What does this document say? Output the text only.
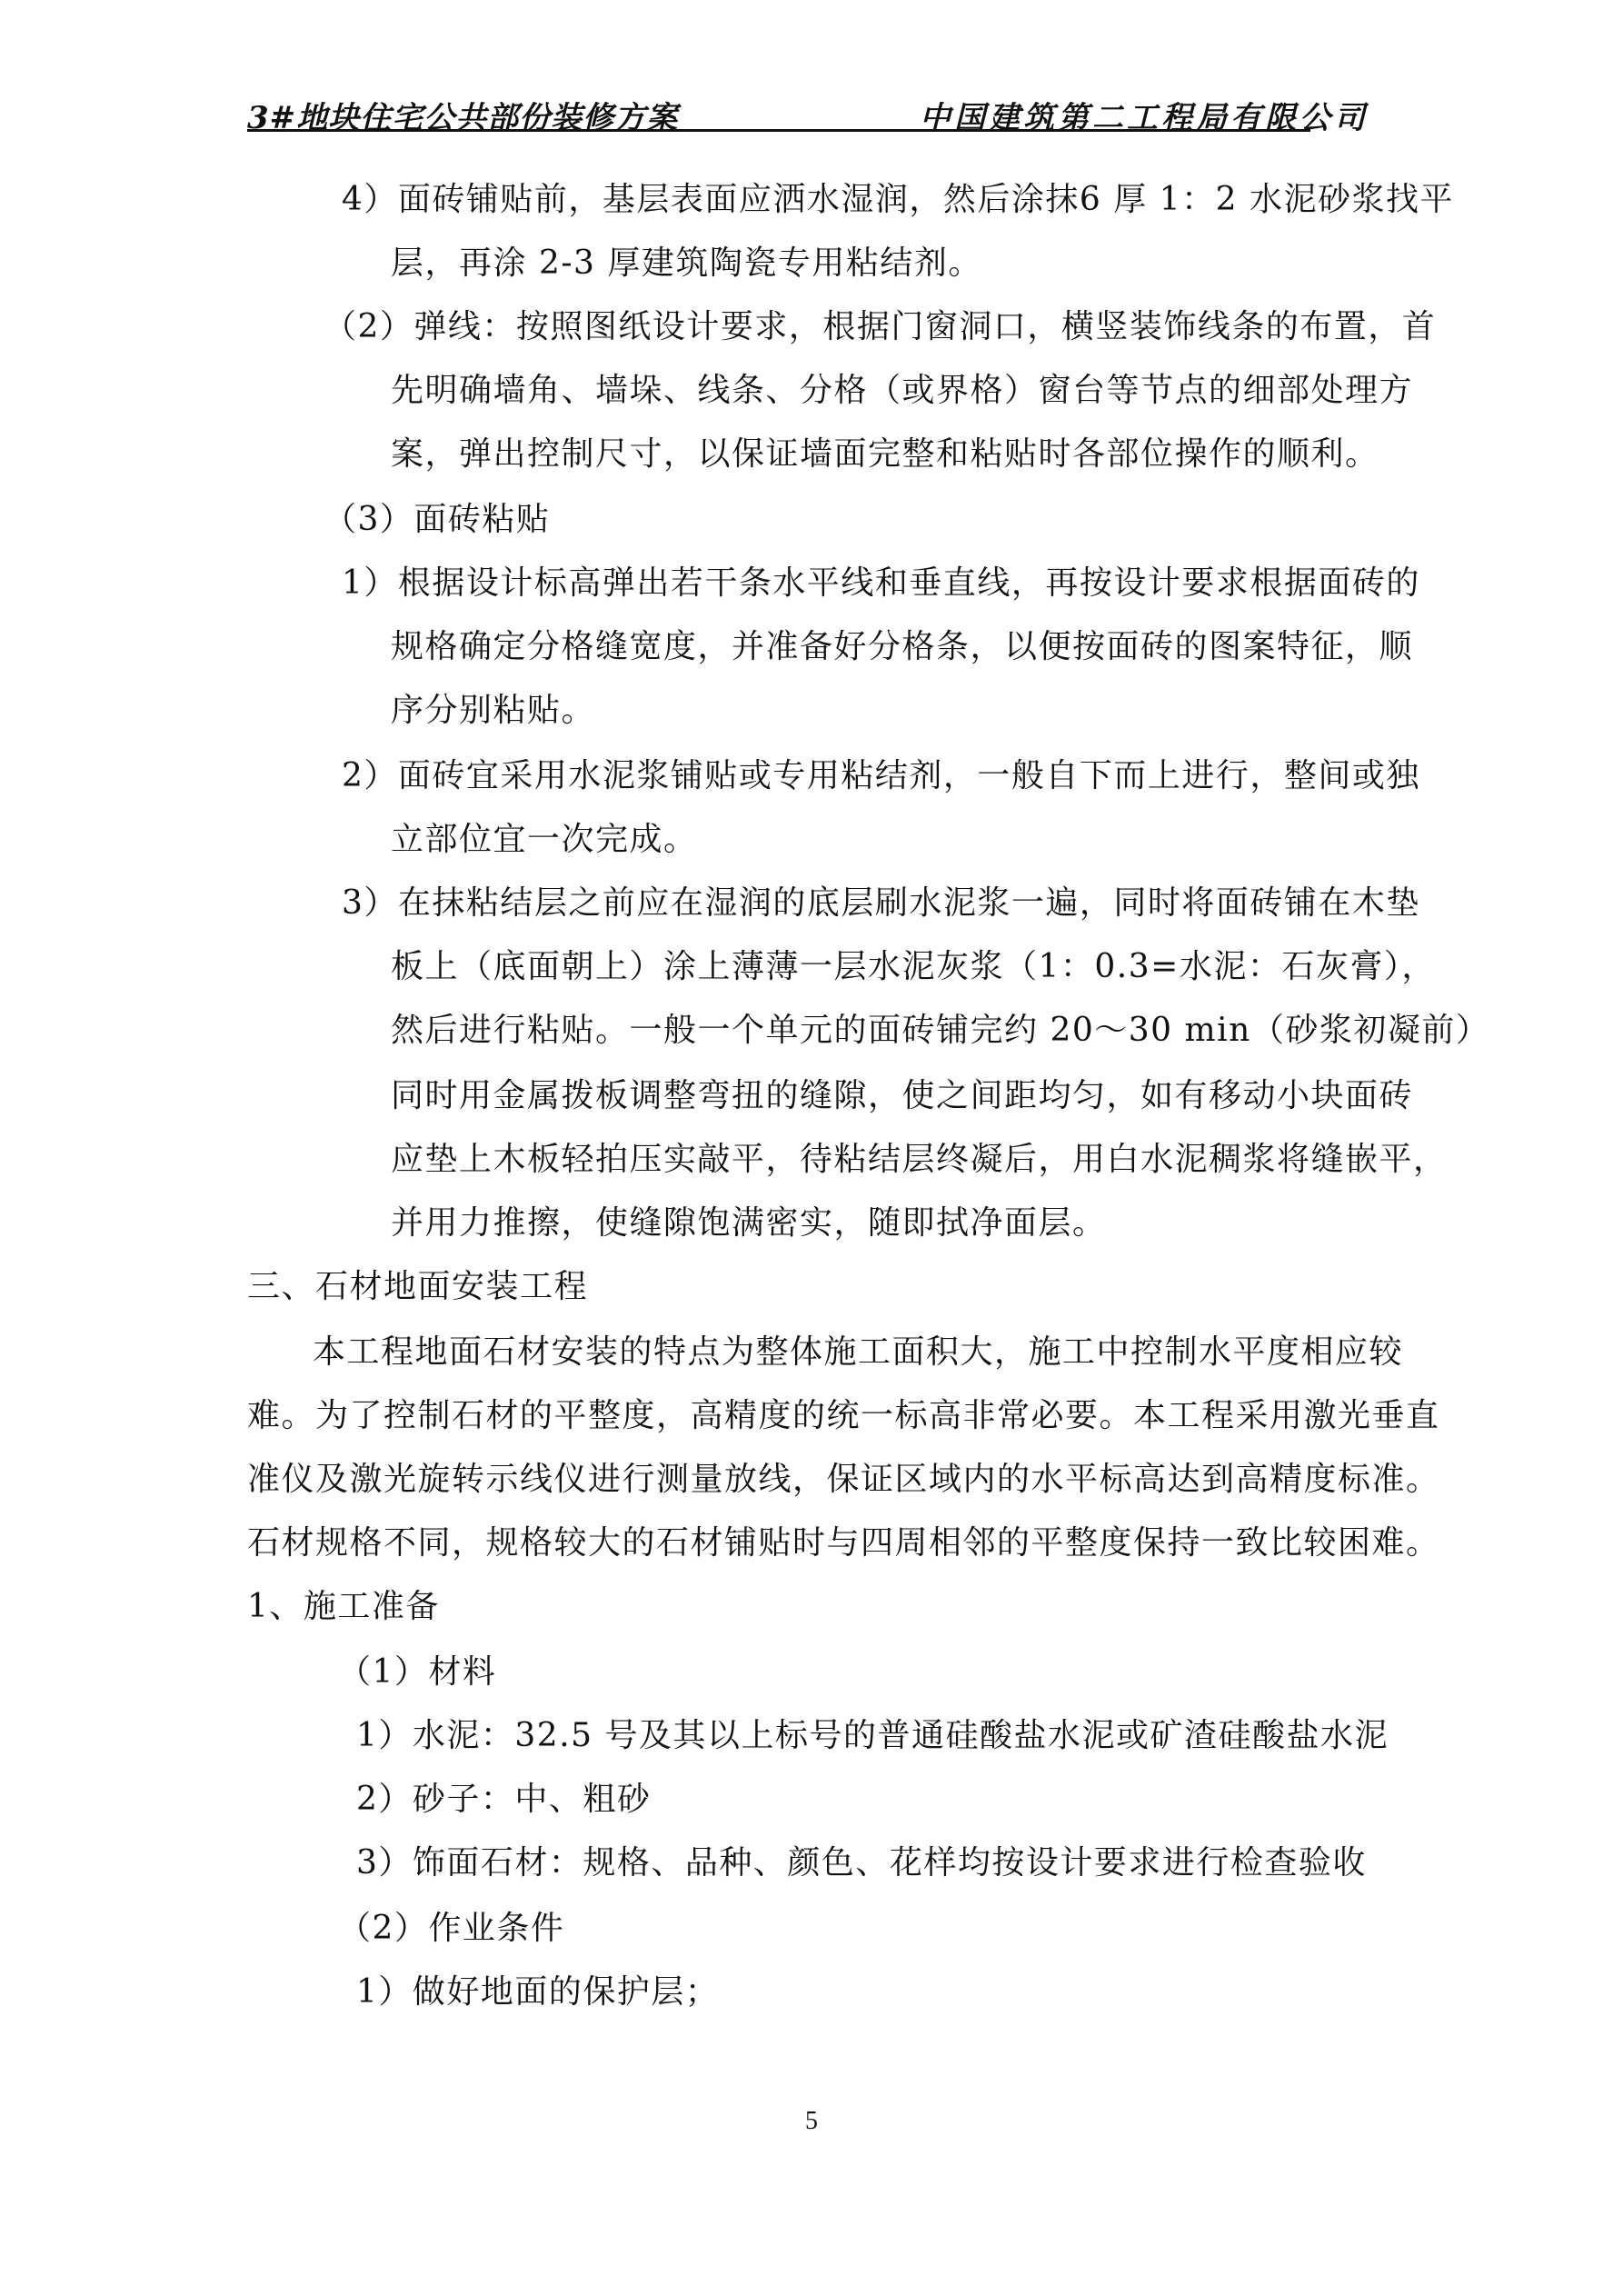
3#地块住宅公共部份装修方案	中国建筑第二工程局有限公司
4）面砖铺贴前，基层表面应洒水湿润，然后涂抹6 厚 1：2 水泥砂浆找平
层，再涂 2-3 厚建筑陶瓷专用粘结剂。
（2）弹线：按照图纸设计要求，根据门窗洞口，横竖装饰线条的布置，首
先明确墙角、墙垛、线条、分格（或界格）窗台等节点的细部处理方
案，弹出控制尺寸，以保证墙面完整和粘贴时各部位操作的顺利。
（3）面砖粘贴
1）根据设计标高弹出若干条水平线和垂直线，再按设计要求根据面砖的
规格确定分格缝宽度，并准备好分格条，以便按面砖的图案特征，顺
序分别粘贴。
2）面砖宜采用水泥浆铺贴或专用粘结剂，一般自下而上进行，整间或独
立部位宜一次完成。
3）在抹粘结层之前应在湿润的底层刷水泥浆一遍，同时将面砖铺在木垫
板上（底面朝上）涂上薄薄一层水泥灰浆（1：0.3=水泥：石灰膏），
然后进行粘贴。一般一个单元的面砖铺完约 20～30 min（砂浆初凝前）
同时用金属拨板调整弯扭的缝隙，使之间距均匀，如有移动小块面砖
应垫上木板轻拍压实敲平，待粘结层终凝后，用白水泥稠浆将缝嵌平，
并用力推擦，使缝隙饱满密实，随即拭净面层。
三、石材地面安装工程
本工程地面石材安装的特点为整体施工面积大，施工中控制水平度相应较
难。为了控制石材的平整度，高精度的统一标高非常必要。本工程采用激光垂直
准仪及激光旋转示线仪进行测量放线，保证区域内的水平标高达到高精度标准。
石材规格不同，规格较大的石材铺贴时与四周相邻的平整度保持一致比较困难。
1、施工准备
（1）材料
1）水泥：32.5 号及其以上标号的普通硅酸盐水泥或矿渣硅酸盐水泥
2）砂子：中、粗砂
3）饰面石材：规格、品种、颜色、花样均按设计要求进行检查验收
（2）作业条件
1）做好地面的保护层；
5
